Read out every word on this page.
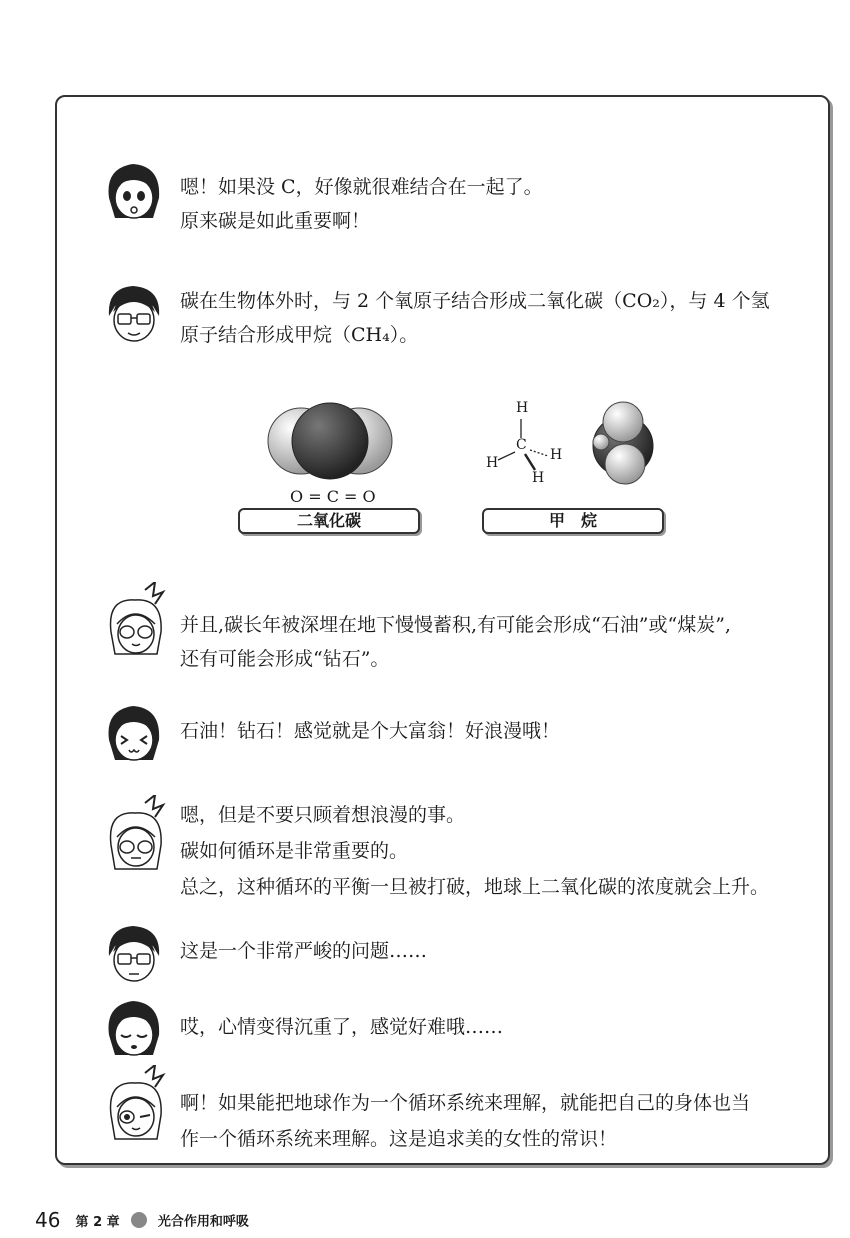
嗯！如果没 C，好像就很难结合在一起了。
原来碳是如此重要啊！
碳在生物体外时，与 2 个氧原子结合形成二氧化碳（CO₂），与 4 个氢
原子结合形成甲烷（CH₄）。
O = C = O
二氧化碳
H
C
H	H
H
甲　烷
并且,碳长年被深埋在地下慢慢蓄积,有可能会形成“石油”或“煤炭”,
还有可能会形成“钻石”。
石油！钻石！感觉就是个大富翁！好浪漫哦！
嗯，但是不要只顾着想浪漫的事。
碳如何循环是非常重要的。
总之，这种循环的平衡一旦被打破，地球上二氧化碳的浓度就会上升。
这是一个非常严峻的问题……
哎，心情变得沉重了，感觉好难哦……
啊！如果能把地球作为一个循环系统来理解，就能把自己的身体也当
作一个循环系统来理解。这是追求美的女性的常识！
46 第 2 章	光合作用和呼吸
